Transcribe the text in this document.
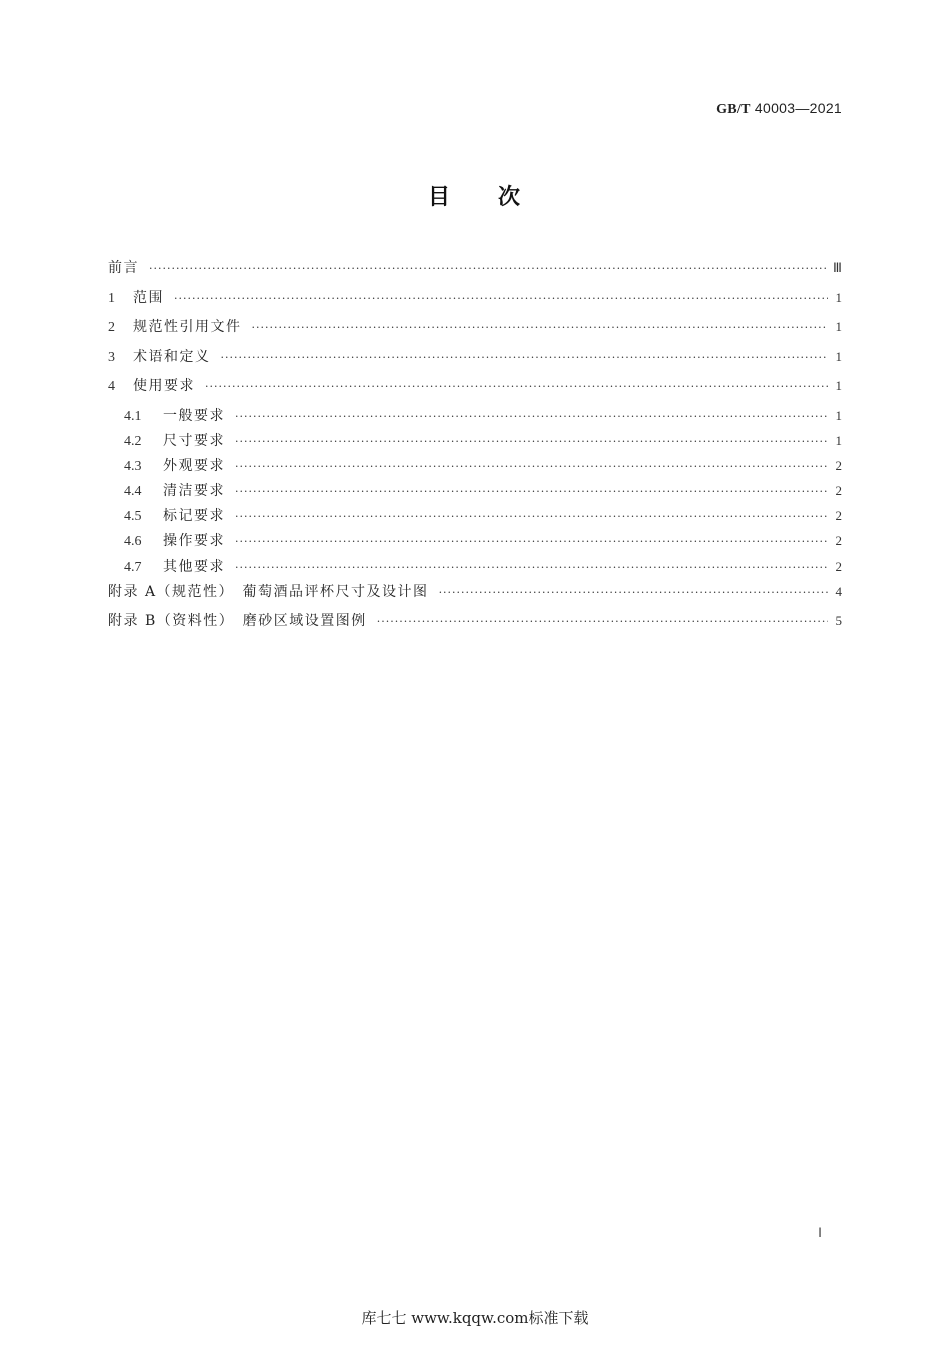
GB/T 40003—2021
目 次
前言 ·····	Ⅲ
1	范围 ·····	1
2	规范性引用文件 ·····	1
3	术语和定义 ·····	1
4	使用要求 ·····	1
4.1	一般要求 ·····	1
4.2	尺寸要求 ·····	1
4.3	外观要求 ·····	2
4.4	清洁要求 ·····	2
4.5	标记要求 ·····	2
4.6	操作要求 ·····	2
4.7	其他要求 ·····	2
附录 A（规范性）　葡萄酒品评杯尺寸及设计图 ·····	4
附录 B（资料性）　磨砂区域设置图例 ·····	5
Ⅰ
库七七 www.kqqw.com标准下载
